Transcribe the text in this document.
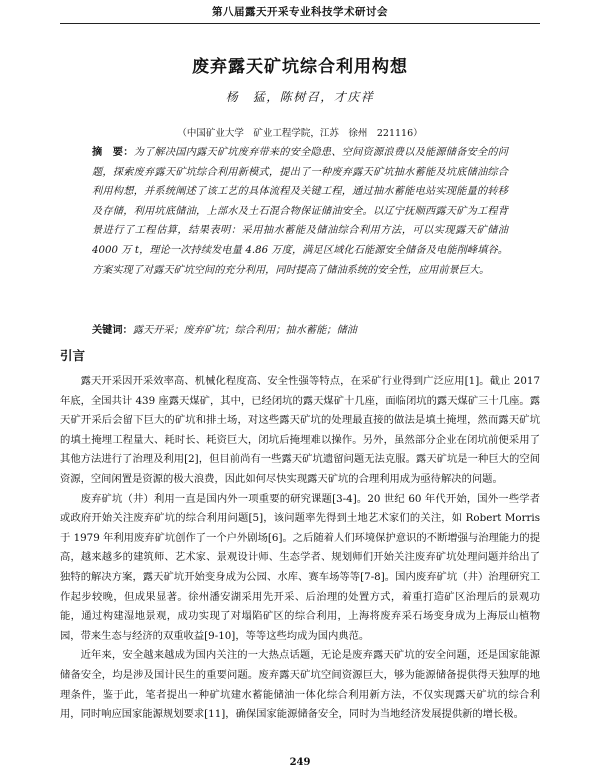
第八届露天开采专业科技学术研讨会
废弃露天矿坑综合利用构想
杨　猛，陈树召，才庆祥
（中国矿业大学　矿业工程学院，江苏　徐州　221116）
摘　要：为了解决国内露天矿坑废弃带来的安全隐患、空间资源浪费以及能源储备安全的问题，探索废弃露天矿坑综合利用新模式，提出了一种废弃露天矿坑抽水蓄能及坑底储油综合利用构想，并系统阐述了该工艺的具体流程及关键工程，通过抽水蓄能电站实现能量的转移及存储，利用坑底储油，上部水及土石混合物保证储油安全。以辽宁抚顺西露天矿为工程背景进行了工程估算，结果表明：采用抽水蓄能及储油综合利用方法，可以实现露天矿储油 4000 万 t，理论一次持续发电量 4.86 万度，满足区域化石能源安全储备及电能削峰填谷。方案实现了对露天矿坑空间的充分利用，同时提高了储油系统的安全性，应用前景巨大。
关键词：露天开采；废弃矿坑；综合利用；抽水蓄能；储油
引言

露天开采因开采效率高、机械化程度高、安全性强等特点，在采矿行业得到广泛应用[1]。截止 2017 年底，全国共计 439 座露天煤矿，其中，已经闭坑的露天煤矿十几座，面临闭坑的露天煤矿三十几座。露天矿开采后会留下巨大的矿坑和排土场，对这些露天矿坑的处理最直接的做法是填土掩埋，然而露天矿坑的填土掩埋工程量大、耗时长、耗资巨大，闭坑后掩埋难以操作。另外，虽然部分企业在闭坑前便采用了其他方法进行了治理及利用[2]，但目前尚有一些露天矿坑遗留问题无法克服。露天矿坑是一种巨大的空间资源，空间闲置是资源的极大浪费，因此如何尽快实现露天矿坑的合理利用成为亟待解决的问题。

废弃矿坑（井）利用一直是国内外一项重要的研究课题[3-4]。20 世纪 60 年代开始，国外一些学者或政府开始关注废弃矿坑的综合利用问题[5]，该问题率先得到土地艺术家们的关注，如 Robert Morris 于 1979 年利用废弃矿坑创作了一个户外剧场[6]。之后随着人们环境保护意识的不断增强与治理能力的提高，越来越多的建筑师、艺术家、景观设计师、生态学者、规划师们开始关注废弃矿坑处理问题并给出了独特的解决方案，露天矿坑开始变身成为公园、水库、赛车场等等[7-8]。国内废弃矿坑（井）治理研究工作起步较晚，但成果显著。徐州潘安湖采用先开采、后治理的处置方式，着重打造矿区治理后的景观功能，通过构建湿地景观，成功实现了对塌陷矿区的综合利用，上海将废弃采石场变身成为上海辰山植物园，带来生态与经济的双重收益[9-10]，等等这些均成为国内典范。

近年来，安全越来越成为国内关注的一大热点话题，无论是废弃露天矿坑的安全问题，还是国家能源储备安全，均是涉及国计民生的重要问题。废弃露天矿坑空间资源巨大，够为能源储备提供得天独厚的地理条件，鉴于此，笔者提出一种矿坑建水蓄能储油一体化综合利用新方法，不仅实现露天矿坑的综合利用，同时响应国家能源规划要求[11]，确保国家能源储备安全，同时为当地经济发展提供新的增长极。

249
